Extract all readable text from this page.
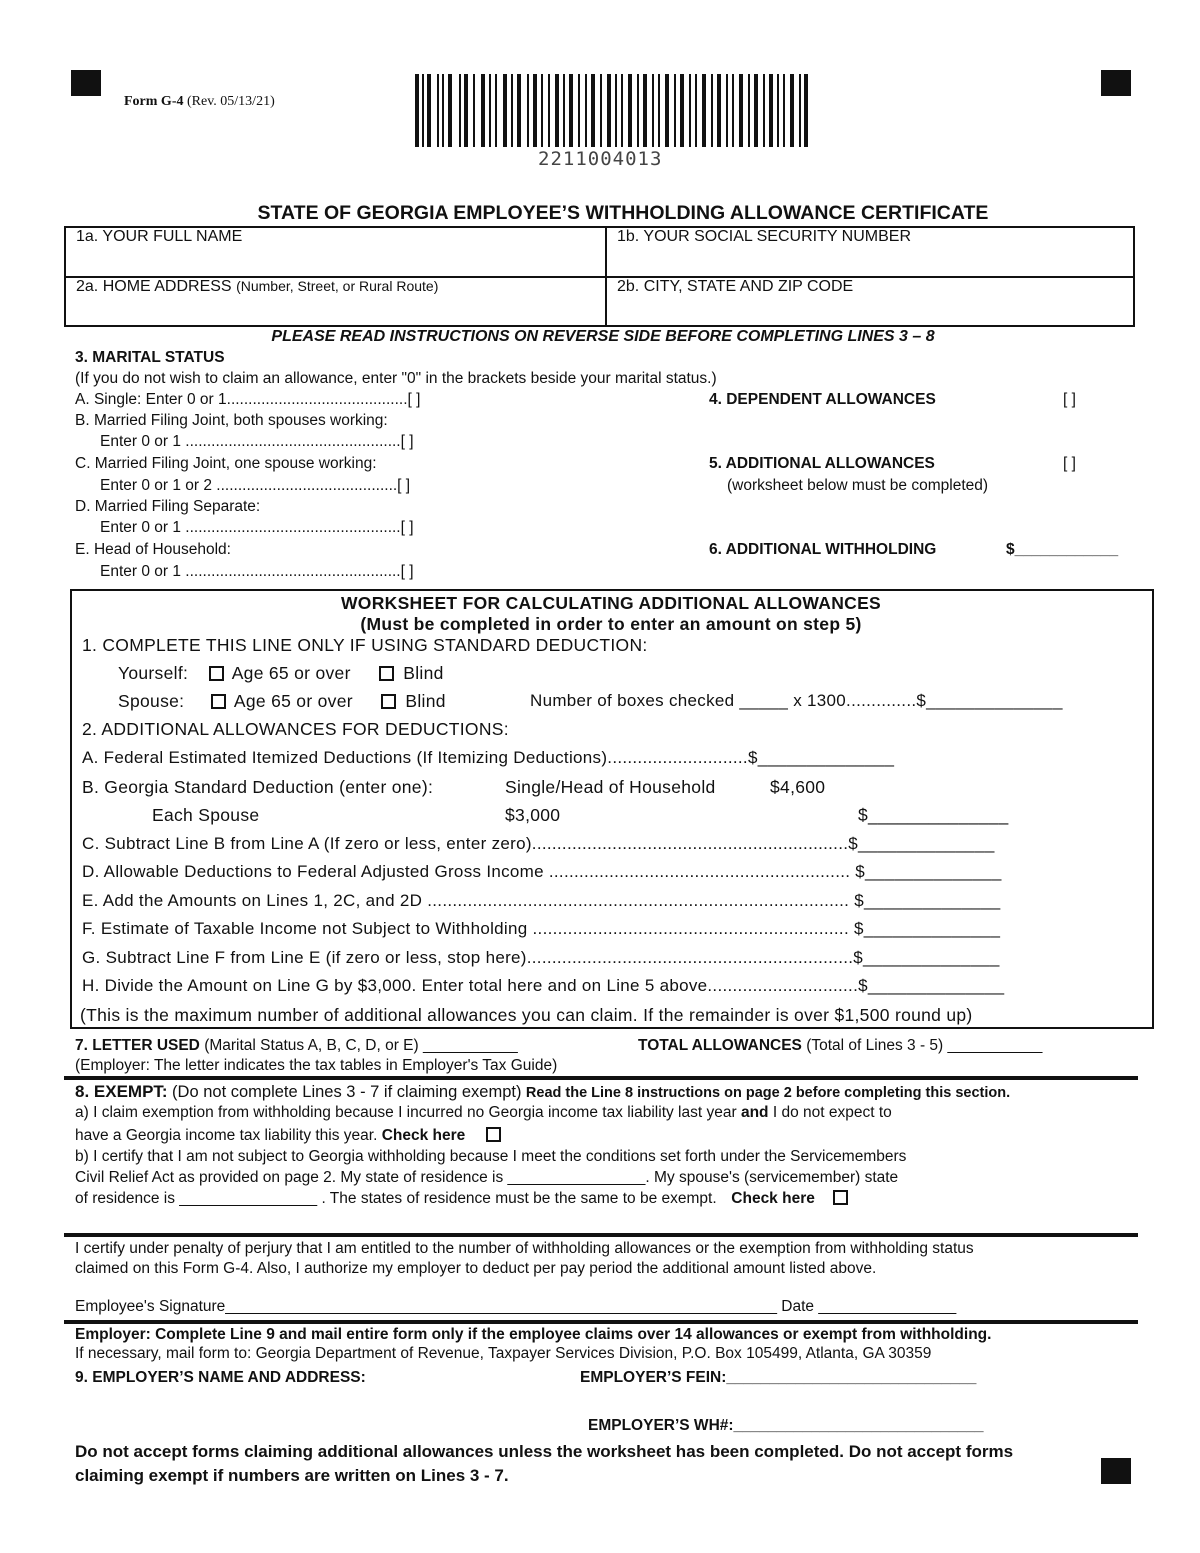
Form G-4 (Rev. 05/13/21)
2211004013
STATE OF GEORGIA EMPLOYEE’S WITHHOLDING ALLOWANCE CERTIFICATE
1a. YOUR FULL NAME	1b. YOUR SOCIAL SECURITY NUMBER
2a. HOME ADDRESS (Number, Street, or Rural Route)	2b. CITY, STATE AND ZIP CODE
PLEASE READ INSTRUCTIONS ON REVERSE SIDE BEFORE COMPLETING LINES 3 – 8
3. MARITAL STATUS
(If you do not wish to claim an allowance, enter "0" in the brackets beside your marital status.)
A. Single: Enter 0 or 1..........................................[ ]
B. Married Filing Joint, both spouses working:
Enter 0 or 1 ..................................................[ ]
C. Married Filing Joint, one spouse working:
Enter 0 or 1 or 2 ..........................................[ ]
D. Married Filing Separate:
Enter 0 or 1 ..................................................[ ]
E. Head of Household:
Enter 0 or 1 ..................................................[ ]
4. DEPENDENT ALLOWANCES	[ ]
5. ADDITIONAL ALLOWANCES	[ ]
(worksheet below must be completed)
6. ADDITIONAL WITHHOLDING	$____________
WORKSHEET FOR CALCULATING ADDITIONAL ALLOWANCES
(Must be completed in order to enter an amount on step 5)
1. COMPLETE THIS LINE ONLY IF USING STANDARD DEDUCTION:
Yourself: Age 65 or over	Blind
Spouse:	Age 65 or over	Blind	Number of boxes checked _____ x 1300..............$______________
2. ADDITIONAL ALLOWANCES FOR DEDUCTIONS:
A. Federal Estimated Itemized Deductions (If Itemizing Deductions)............................$______________
B. Georgia Standard Deduction (enter one):	Single/Head of Household	$4,600
Each Spouse	$3,000	$______________
C. Subtract Line B from Line A (If zero or less, enter zero)...............................................................$______________
D. Allowable Deductions to Federal Adjusted Gross Income ............................................................ $______________
E. Add the Amounts on Lines 1, 2C, and 2D .................................................................................... $______________
F. Estimate of Taxable Income not Subject to Withholding ............................................................... $______________
G. Subtract Line F from Line E (if zero or less, stop here).................................................................$______________
H. Divide the Amount on Line G by $3,000. Enter total here and on Line 5 above..............................$______________
(This is the maximum number of additional allowances you can claim. If the remainder is over $1,500 round up)
7. LETTER USED (Marital Status A, B, C, D, or E) ___________
(Employer: The letter indicates the tax tables in Employer's Tax Guide)
TOTAL ALLOWANCES (Total of Lines 3 - 5) ___________
8. EXEMPT: (Do not complete Lines 3 - 7 if claiming exempt) Read the Line 8 instructions on page 2 before completing this section.
a) I claim exemption from withholding because I incurred no Georgia income tax liability last year and I do not expect to
have a Georgia income tax liability this year. Check here
b) I certify that I am not subject to Georgia withholding because I meet the conditions set forth under the Servicemembers
Civil Relief Act as provided on page 2. My state of residence is ________________. My spouse's (servicemember) state
of residence is ________________ . The states of residence must be the same to be exempt. Check here
I certify under penalty of perjury that I am entitled to the number of withholding allowances or the exemption from withholding status
claimed on this Form G-4. Also, I authorize my employer to deduct per pay period the additional amount listed above.
Employee's Signature________________________________________________________________ Date ________________
Employer: Complete Line 9 and mail entire form only if the employee claims over 14 allowances or exempt from withholding.
If necessary, mail form to: Georgia Department of Revenue, Taxpayer Services Division, P.O. Box 105499, Atlanta, GA 30359
9. EMPLOYER’S NAME AND ADDRESS:	EMPLOYER’S FEIN:_____________________________
EMPLOYER’S WH#:_____________________________
Do not accept forms claiming additional allowances unless the worksheet has been completed. Do not accept forms
claiming exempt if numbers are written on Lines 3 - 7.
